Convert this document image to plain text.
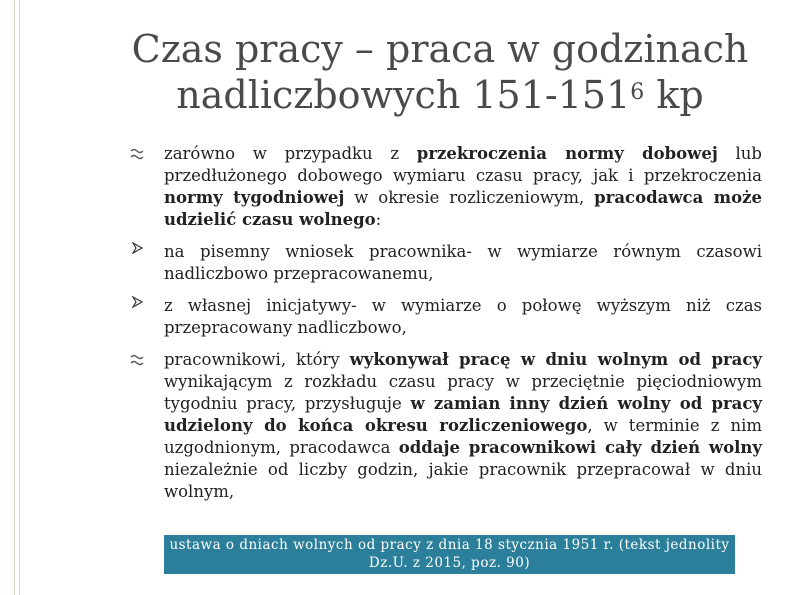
Czas pracy – praca w godzinach
nadliczbowych $151-151^6$ kp
zarówno w przypadku z przekroczenia normy dobowej lub przedłużonego dobowego wymiaru czasu pracy, jak i przekroczenia normy tygodniowej w okresie rozliczeniowym, pracodawca może udzielić czasu wolnego:
na pisemny wniosek pracownika- w wymiarze równym czasowi nadliczbowo przepracowanemu,
z własnej inicjatywy- w wymiarze o połowę wyższym niż czas przepracowany nadliczbowo,
pracownikowi, który wykonywał pracę w dniu wolnym od pracy wynikającym z rozkładu czasu pracy w przeciętnie pięciodniowym tygodniu pracy, przysługuje w zamian inny dzień wolny od pracy udzielony do końca okresu rozliczeniowego, w terminie z nim uzgodnionym, pracodawca oddaje pracownikowi cały dzień wolny niezależnie od liczby godzin, jakie pracownik przepracował w dniu wolnym,
ustawa o dniach wolnych od pracy z dnia 18 stycznia 1951 r. (tekst jednolity Dz.U. z 2015, poz. 90)
